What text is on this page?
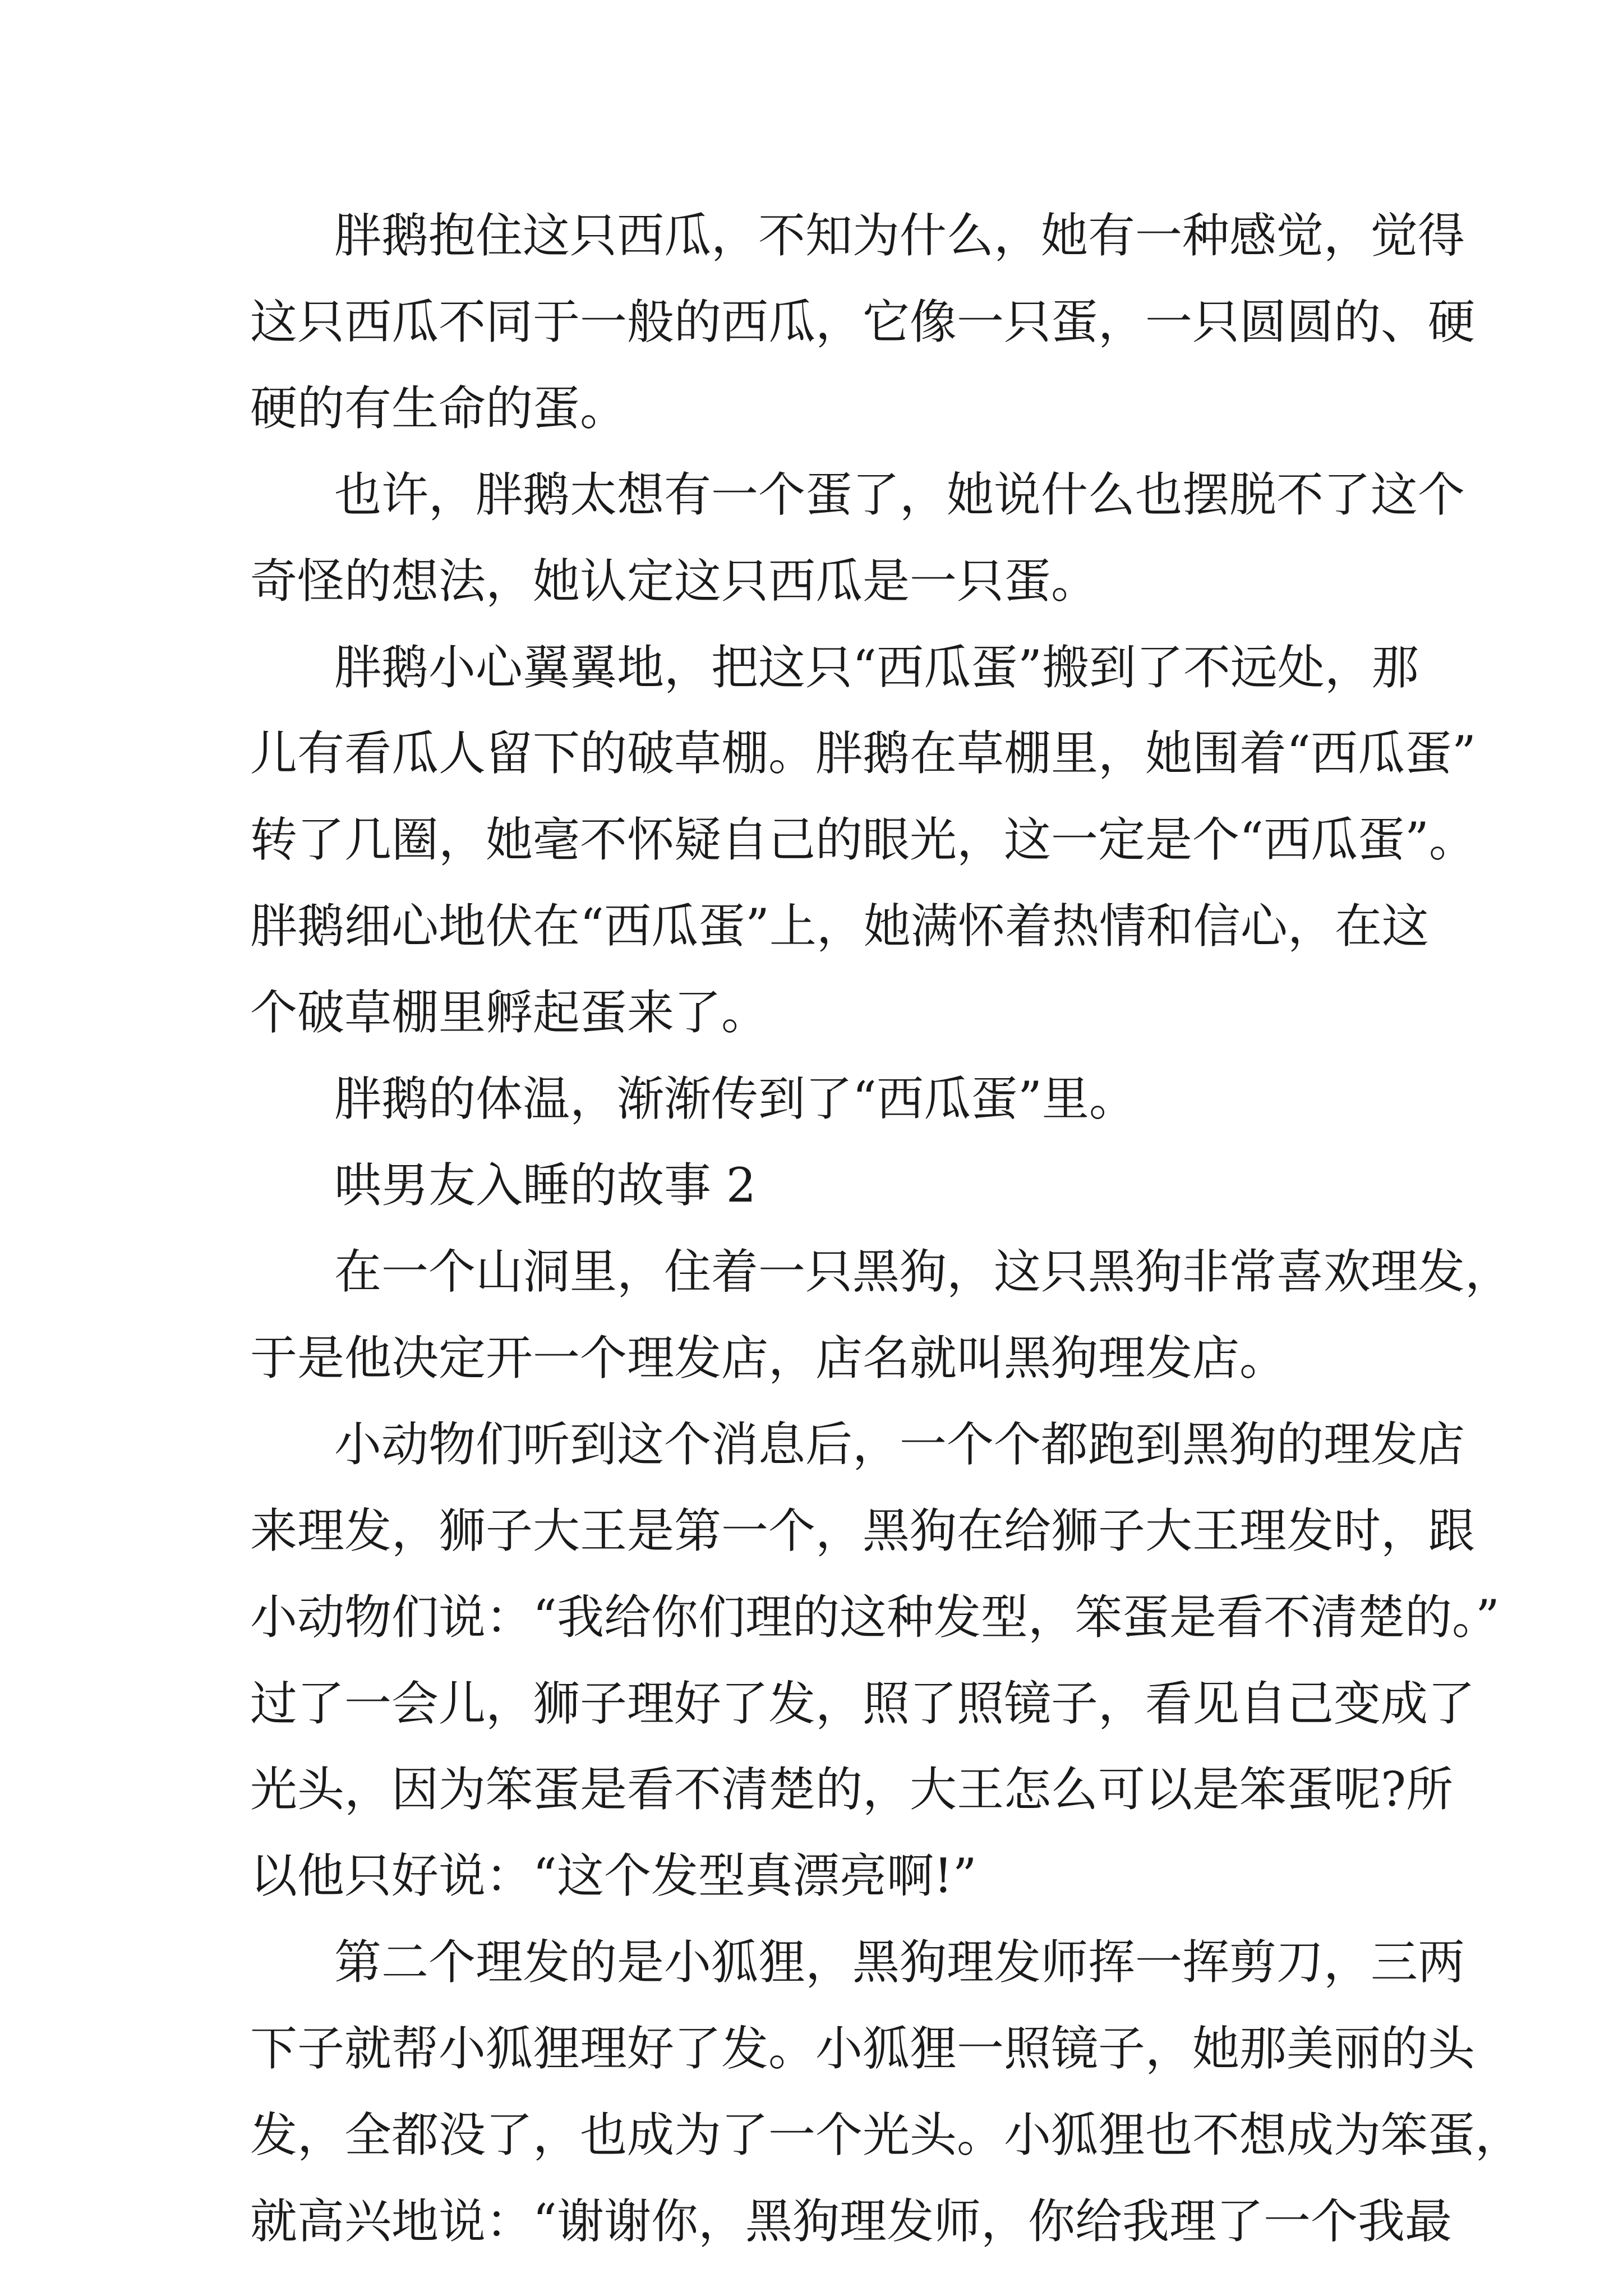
胖鹅抱住这只西瓜，不知为什么，她有一种感觉，觉得
这只西瓜不同于一般的西瓜，它像一只蛋，一只圆圆的、硬
硬的有生命的蛋。
也许，胖鹅太想有一个蛋了，她说什么也摆脱不了这个
奇怪的想法，她认定这只西瓜是一只蛋。
胖鹅小心翼翼地，把这只“西瓜蛋”搬到了不远处，那
儿有看瓜人留下的破草棚。胖鹅在草棚里，她围着“西瓜蛋”
转了几圈，她毫不怀疑自己的眼光，这一定是个“西瓜蛋”。
胖鹅细心地伏在“西瓜蛋”上，她满怀着热情和信心，在这
个破草棚里孵起蛋来了。
胖鹅的体温，渐渐传到了“西瓜蛋”里。
哄男友入睡的故事 2
在一个山洞里，住着一只黑狗，这只黑狗非常喜欢理发，
于是他决定开一个理发店，店名就叫黑狗理发店。
小动物们听到这个消息后，一个个都跑到黑狗的理发店
来理发，狮子大王是第一个，黑狗在给狮子大王理发时，跟
小动物们说：“我给你们理的这种发型，笨蛋是看不清楚的。”
过了一会儿，狮子理好了发，照了照镜子，看见自己变成了
光头，因为笨蛋是看不清楚的，大王怎么可以是笨蛋呢?所
以他只好说：“这个发型真漂亮啊!”
第二个理发的是小狐狸，黑狗理发师挥一挥剪刀，三两
下子就帮小狐狸理好了发。小狐狸一照镜子，她那美丽的头
发，全都没了，也成为了一个光头。小狐狸也不想成为笨蛋，
就高兴地说：“谢谢你，黑狗理发师，你给我理了一个我最
